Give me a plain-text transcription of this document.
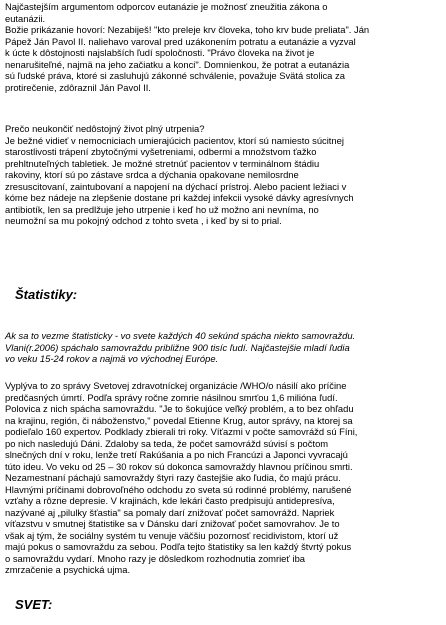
Najčastejším argumentom odporcov eutanázie je možnosť zneužitia zákona o
eutanázii.
Božie prikázanie hovorí: Nezabiješ! "kto preleje krv človeka, toho krv bude preliata". Ján
Pápež Ján Pavol II. naliehavo varoval pred uzákonením potratu a eutanázie a vyzval
k úcte k dôstojnosti najslabších ľudí spoločnosti. "Právo človeka na život je
nenarušiteľné, najmä na jeho začiatku a konci". Domnienkou, že potrat a eutanázia
sú ľudské práva, ktoré si zasluhujú zákonné schválenie, považuje Svätá stolica za
protirečenie, zdôraznil Ján Pavol II.

Prečo neukončiť nedôstojný život plný utrpenia?
Je bežné vidieť v nemocniciach umierajúcich pacientov, ktorí sú namiesto súcitnej
starostlivosti trápení zbytočnými vyšetreniami, odbermi a množstvom ťažko
prehltnuteľných tabletiek. Je možné stretnúť pacientov v terminálnom štádiu
rakoviny, ktorí sú po zástave srdca a dýchania opakovane nemilosrdne
zresuscitovaní, zaintubovaní a napojení na dýchací prístroj. Alebo pacient ležiaci v
kóme bez nádeje na zlepšenie dostane pri každej infekcii vysoké dávky agresívnych
antibiotík, len sa predlžuje jeho utrpenie i keď ho už možno ani nevníma, no
neumožní sa mu pokojný odchod z tohto sveta , i keď by si to prial.

Štatistiky:

Ak sa to vezme štatisticky - vo svete každých 40 sekúnd spácha niekto samovraždu.
Vlani(r.2006) spáchalo samovraždu približne 900 tisíc ľudí. Najčastejšie mladí ľudia
vo veku 15-24 rokov a najmä vo východnej Európe.

Vyplýva to zo správy Svetovej zdravotníckej organizácie /WHO/o násilí ako príčine
predčasných úmrtí. Podľa správy ročne zomrie násilnou smrťou 1,6 milióna ľudí.
Polovica z nich spácha samovraždu. "Je to šokujúce veľký problém, a to bez ohľadu
na krajinu, región, či náboženstvo," povedal Etienne Krug, autor správy, na ktorej sa
podieľalo 160 expertov. Podklady zbierali tri roky. Víťazmi v počte samovrážd sú Fíni,
po nich nasledujú Dáni. Zdaloby sa teda, že počet samovrážd súvisí s počtom
slnečných dní v roku, lenže tretí Rakúšania a po nich Francúzi a Japonci vyvracajú
túto ideu. Vo veku od 25 – 30 rokov sú dokonca samovraždy hlavnou príčinou smrti.
Nezamestnaní páchajú samovraždy štyri razy častejšie ako ľudia, čo majú prácu.
Hlavnými príčinami dobrovoľného odchodu zo sveta sú rodinné problémy, narušené
vzťahy a rôzne depresie. V krajinách, kde lekári často predpisujú antidepresíva,
nazývané aj „pilulky šťastia" sa pomaly darí znižovať počet samovrážd. Napriek
víťazstvu v smutnej štatistike sa v Dánsku darí znižovať počet samovrahov. Je to
však aj tým, že sociálny systém tu venuje väčšiu pozornosť recidivistom, ktorí už
majú pokus o samovraždu za sebou. Podľa tejto štatistiky sa len každý štvrtý pokus
o samovraždu vydarí. Mnoho razy je dôsledkom rozhodnutia zomrieť iba
zmrzačenie a psychická ujma.

SVET:
